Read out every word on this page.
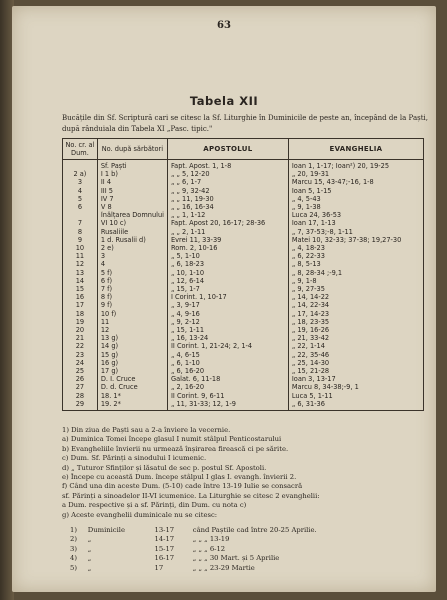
63
Tabela XII
Bucățile din Sf. Scriptură cari se citesc la Sf. Liturghie în Duminicile de peste an, începând de la Paști, după rânduiala din Tabela XI „Pasc. tipic."
No. cr. al Dum.	No. după sărbători	APOSTOLUL	EVANGHELIA
	Sf. Paști	Fapt. Apost. 1, 1-8	Ioan 1, 1-17; Ioan²) 20, 19-25
2 a)	I 1 b)	„ „ 5, 12-20	„ 20, 19-31
3	II 4	„ „ 6, 1-7	Marcu 15, 43-47;-16, 1-8
4	III 5	„ „ 9, 32-42	Ioan 5, 1-15
5	IV 7	„ „ 11, 19-30	„ 4, 5-43
6	V 8	„ „ 16, 16-34	„ 9, 1-38
	Înălțarea Domnului	„ „ 1, 1-12	Luca 24, 36-53
7	VI 10 c)	Fapt. Apost 20, 16-17; 28-36	Ioan 17, 1-13
8	Rusaliile	„ „ 2, 1-11	„ 7, 37-53;-8, 1-11
9	1 d. Rusalii d)	Evrei 11, 33-39	Matei 10, 32-33; 37-38; 19,27-30
10	2 e)	Rom. 2, 10-16	„ 4, 18-23
11	3	„ 5, 1-10	„ 6, 22-33
12	4	„ 6, 18-23	„ 8, 5-13
13	5 f)	„ 10, 1-10	„ 8, 28-34 ;-9,1
14	6 f)	„ 12, 6-14	„ 9, 1-8
15	7 f)	„ 15, 1-7	„ 9, 27-35
16	8 f)	I Corint. 1, 10-17	„ 14, 14-22
17	9 f)	„ 3, 9-17	„ 14, 22-34
18	10 f)	„ 4, 9-16	„ 17, 14-23
19	11	„ 9, 2-12	„ 18, 23-35
20	12	„ 15, 1-11	„ 19, 16-26
21	13 g)	„ 16, 13-24	„ 21, 33-42
22	14 g)	II Corint. 1, 21-24; 2, 1-4	„ 22, 1-14
23	15 g)	„ 4, 6-15	„ 22, 35-46
24	16 g)	„ 6, 1-10	„ 25, 14-30
25	17 g)	„ 6, 16-20	„ 15, 21-28
26	D. I. Cruce	Galat. 6, 11-18	Ioan 3, 13-17
27	D. d. Cruce	„ 2, 16-20	Marcu 8, 34-38;-9, 1
28	18. 1*	II Corint. 9, 6-11	Luca 5, 1-11
29	19. 2*	„ 11, 31-33; 12, 1-9	„ 6, 31-36

1) Din ziua de Paști sau a 2-a înviere la vecernie.

a) Duminica Tomei începe glasul I numit stâlpul Penticostarului

b) Evangheliile învierii nu urmează înșirarea firească ci pe sărite.

c) Dum. Sf. Părinți a sinodului I icumenic.

d) „ Tuturor Sfinților și lăsatul de sec p. postul Sf. Apostoli.

e) Începe cu această Dum. începe stâlpul I glas I. evangh. învierii 2.

f) Când una din aceste Dum. (5-10) cade între 13-19 Iulie se consacră

sf. Părinți a sinoadelor II-VI icumenice. La Liturghie se citesc 2 evanghelii:

a Dum. respective și a sf. Părinți, din Dum. cu nota c)

g) Aceste evanghelii duminicale nu se citesc:

1)	Duminicile	13-17	când Paștile cad între 20-25 Aprilie.
2)	„	14-17	„ „ „ 13-19
3)	„	15-17	„ „ „ 6-12
4)	„	16-17	„ „ „ 30 Mart. și 5 Aprilie
5)	„	17	„ „ „ 23-29 Martie
